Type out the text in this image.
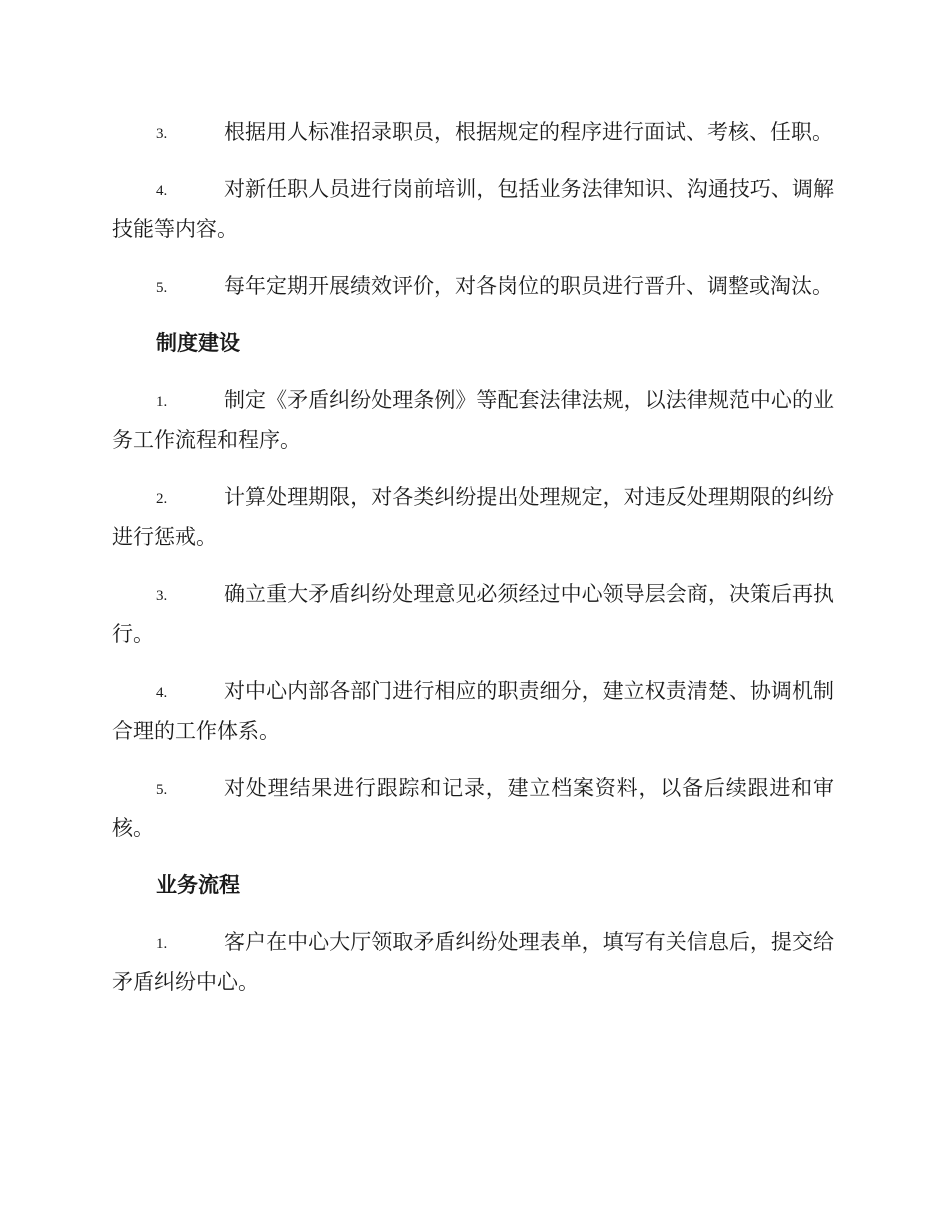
3.	根据用人标准招录职员，根据规定的程序进行面试、考核、任职。
4.	对新任职人员进行岗前培训，包括业务法律知识、沟通技巧、调解技能等内容。
5.	每年定期开展绩效评价，对各岗位的职员进行晋升、调整或淘汰。
制度建设
1.	制定《矛盾纠纷处理条例》等配套法律法规，以法律规范中心的业务工作流程和程序。
2.	计算处理期限，对各类纠纷提出处理规定，对违反处理期限的纠纷进行惩戒。
3.	确立重大矛盾纠纷处理意见必须经过中心领导层会商，决策后再执行。
4.	对中心内部各部门进行相应的职责细分，建立权责清楚、协调机制合理的工作体系。
5.	对处理结果进行跟踪和记录，建立档案资料，以备后续跟进和审核。
业务流程
1.	客户在中心大厅领取矛盾纠纷处理表单，填写有关信息后，提交给矛盾纠纷中心。
